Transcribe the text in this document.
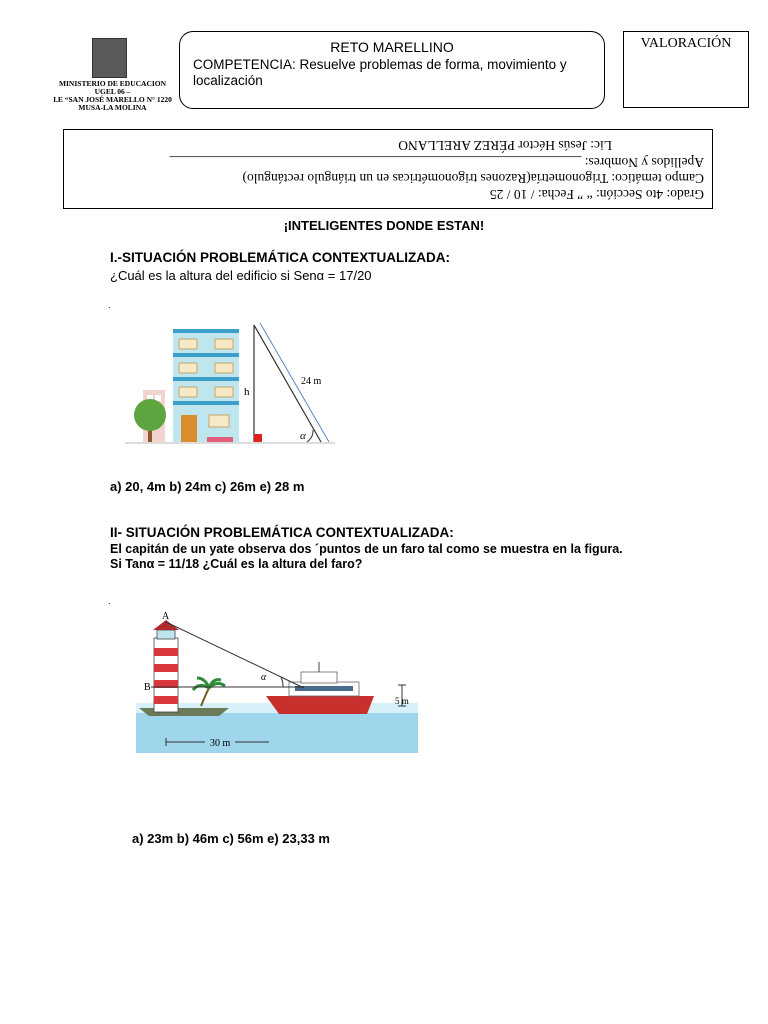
MINISTERIO DE EDUCACION
UGEL 06 –
I.E “SAN JOSÉ MARELLO N° 1220
MUSA-LA MOLINA
RETO MARELLINO
COMPETENCIA: Resuelve problemas de forma, movimiento y localización
VALORACIÓN
Grado: 4to Sección: “ ” Fecha: / 10 / 25
Campo temático: Trigonometría(Razones trigonométricas en un triángulo rectángulo)
Apellidos y Nombres: _____________________________________________________________
Lic: Jesús Héctor PÉREZ ARELLANO
¡INTELIGENTES DONDE ESTAN!
I.-SITUACIÓN PROBLEMÁTICA CONTEXTUALIZADA:
¿Cuál es la altura del edificio si Senα = 17/20
.
h
24 m
α
a) 20, 4m b) 24m c) 26m e) 28 m
II- SITUACIÓN PROBLEMÁTICA CONTEXTUALIZADA:
El capitán de un yate observa dos ´puntos de un faro tal como se muestra en la figura.
Si Tanα = 11/18 ¿Cuál es la altura del faro?
.
A
B
α
5 m
30 m
a) 23m b) 46m c) 56m e) 23,33 m
